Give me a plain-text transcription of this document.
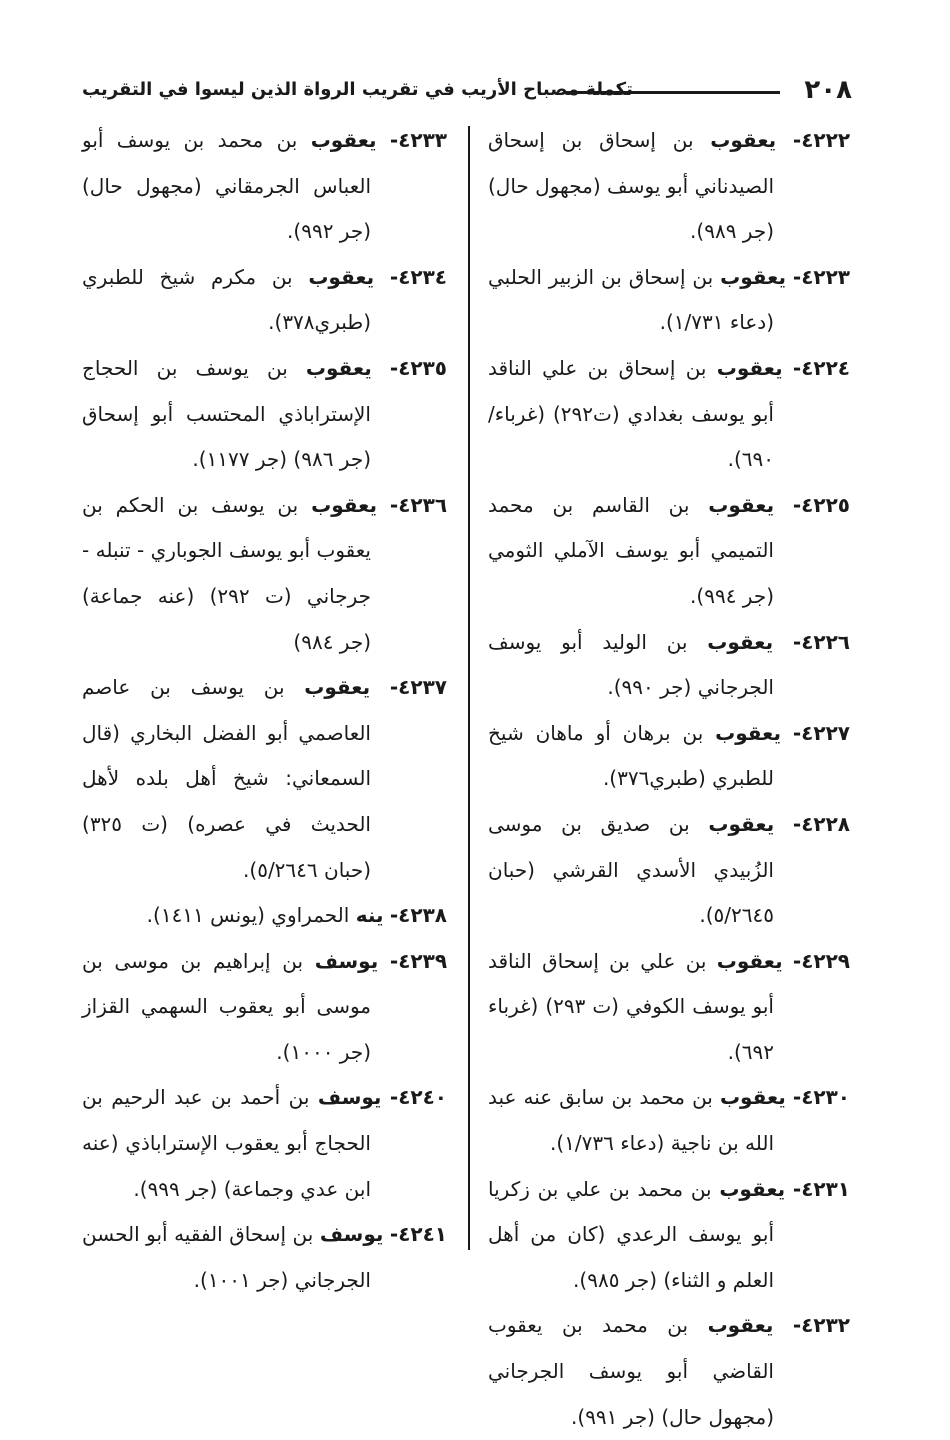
٢٠٨
تكملة مصباح الأريب في تقريب الرواة الذين ليسوا في التقريب

٤٢٢٢- يعقوب بن إسحاق بن إسحاق الصيدناني أبو يوسف (مجهول حال) (جر ٩٨٩).

٤٢٢٣- يعقوب بن إسحاق بن الزبير الحلبي (دعاء ١/٧٣١).

٤٢٢٤- يعقوب بن إسحاق بن علي الناقد أبو يوسف بغدادي (ت٢٩٢) (غرباء/ ٦٩٠).

٤٢٢٥- يعقوب بن القاسم بن محمد التميمي أبو يوسف الآملي الثومي (جر ٩٩٤).

٤٢٢٦- يعقوب بن الوليد أبو يوسف الجرجاني (جر ٩٩٠).

٤٢٢٧- يعقوب بن برهان أو ماهان شيخ للطبري (طبري٣٧٦).

٤٢٢٨- يعقوب بن صديق بن موسى الزُبيدي الأسدي القرشي (حبان ٥/٢٦٤٥).

٤٢٢٩- يعقوب بن علي بن إسحاق الناقد أبو يوسف الكوفي (ت ٢٩٣) (غرباء ٦٩٢).

٤٢٣٠- يعقوب بن محمد بن سابق عنه عبد الله بن ناجية (دعاء ١/٧٣٦).

٤٢٣١- يعقوب بن محمد بن علي بن زكريا أبو يوسف الرعدي (كان من أهل العلم و الثناء) (جر ٩٨٥).

٤٢٣٢- يعقوب بن محمد بن يعقوب القاضي أبو يوسف الجرجاني (مجهول حال) (جر ٩٩١).

٤٢٣٣- يعقوب بن محمد بن يوسف أبو العباس الجرمقاني (مجهول حال) (جر ٩٩٢).

٤٢٣٤- يعقوب بن مكرم شيخ للطبري (طبري٣٧٨).

٤٢٣٥- يعقوب بن يوسف بن الحجاج الإستراباذي المحتسب أبو إسحاق (جر ٩٨٦) (جر ١١٧٧).

٤٢٣٦- يعقوب بن يوسف بن الحكم بن يعقوب أبو يوسف الجوباري - تنبله - جرجاني (ت ٢٩٢) (عنه جماعة) (جر ٩٨٤)

٤٢٣٧- يعقوب بن يوسف بن عاصم العاصمي أبو الفضل البخاري (قال السمعاني: شيخ أهل بلده لأهل الحديث في عصره) (ت ٣٢٥) (حبان ٥/٢٦٤٦).

٤٢٣٨- ينه الحمراوي (يونس ١٤١١).

٤٢٣٩- يوسف بن إبراهيم بن موسى بن موسى أبو يعقوب السهمي القزاز (جر ١٠٠٠).

٤٢٤٠- يوسف بن أحمد بن عبد الرحيم بن الحجاج أبو يعقوب الإستراباذي (عنه ابن عدي وجماعة) (جر ٩٩٩).

٤٢٤١- يوسف بن إسحاق الفقيه أبو الحسن الجرجاني (جر ١٠٠١).
